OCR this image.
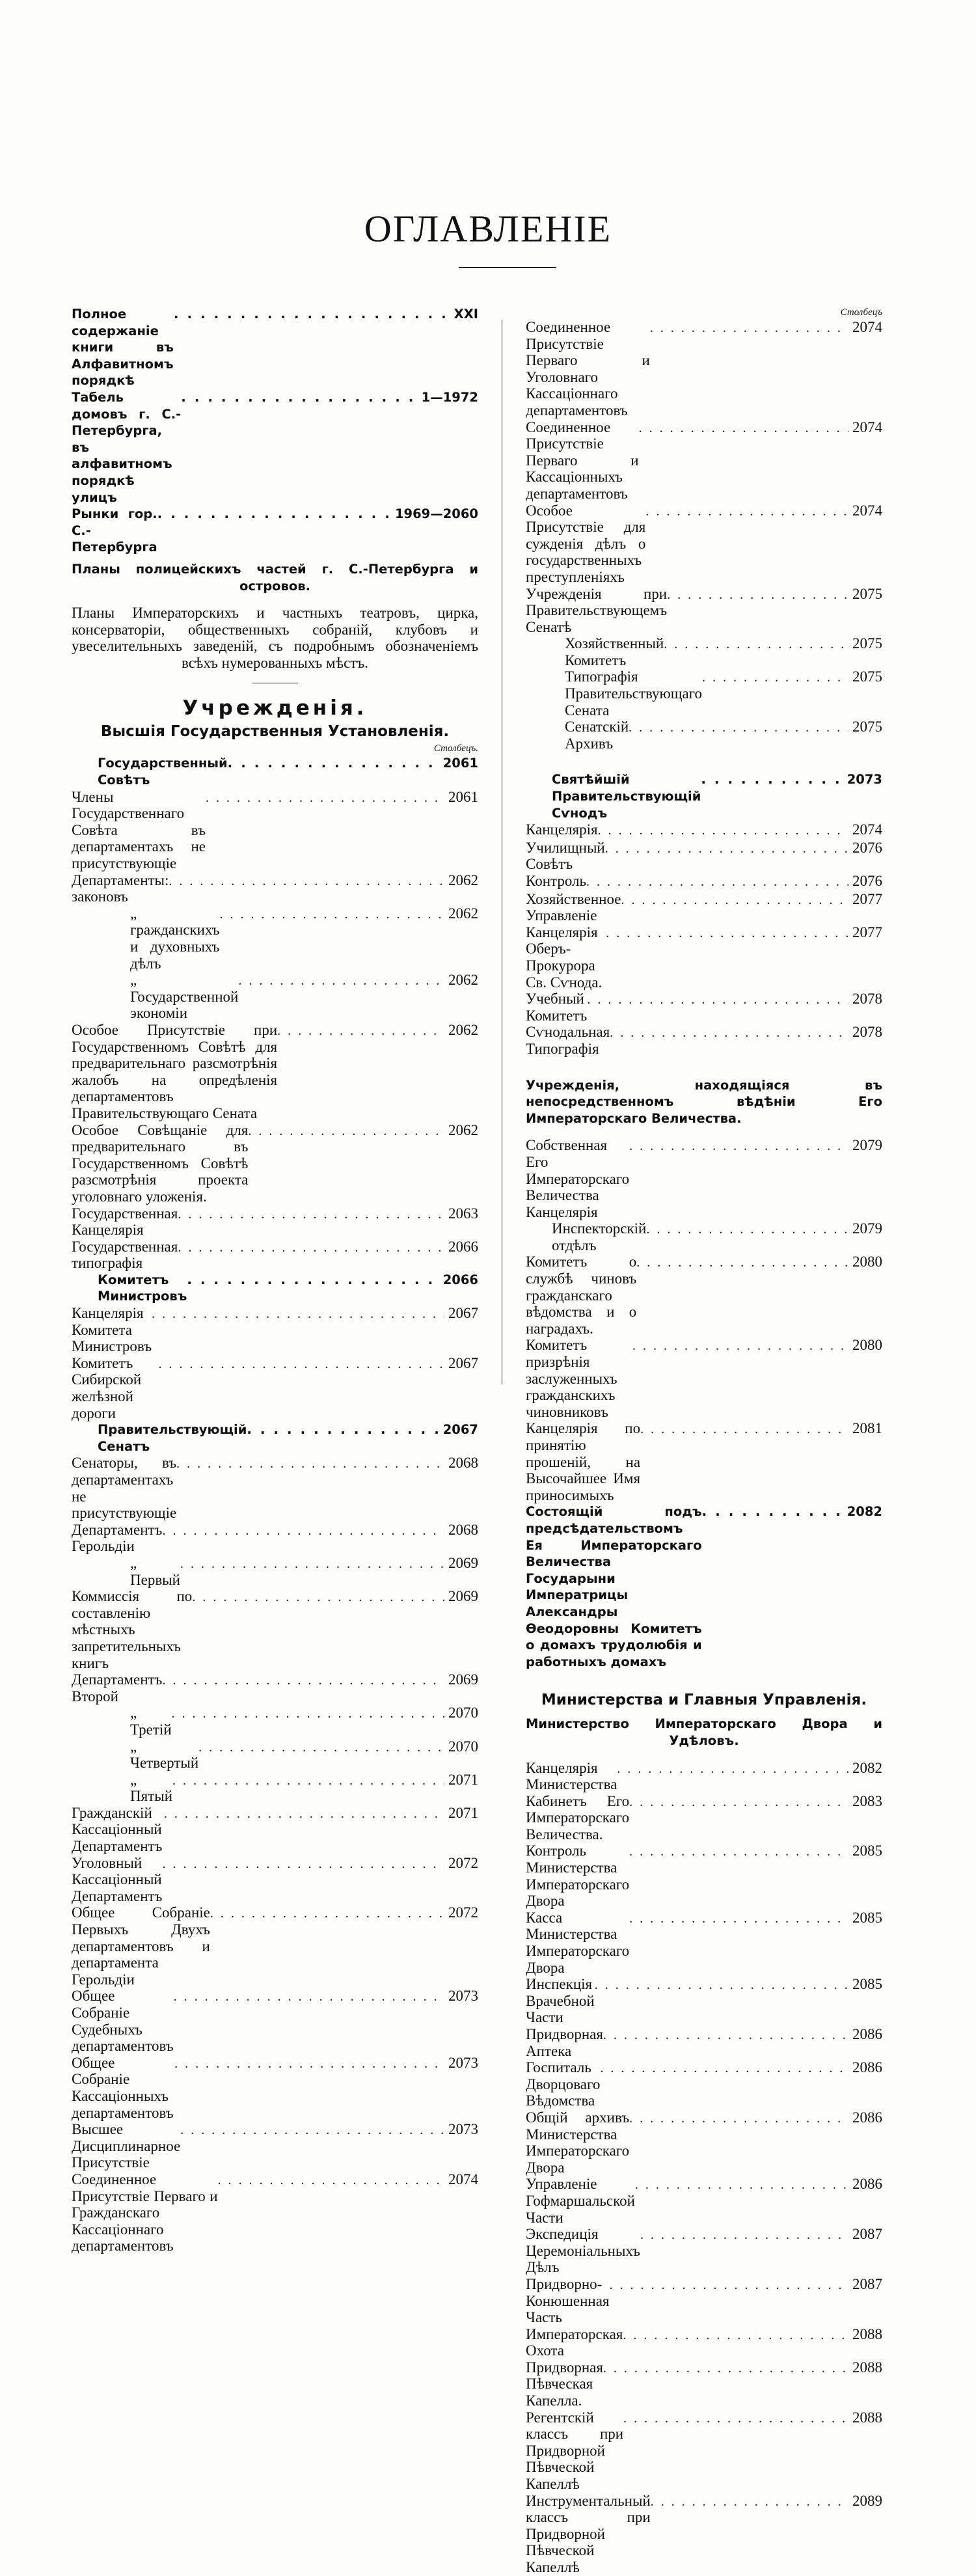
ОГЛАВЛЕНІЕ
Полное содержаніе книги въ Алфавитномъ порядкѣ
. . .
XXI
Табель домовъ г. С.-Петербурга, въ алфавитномъ порядкѣ улицъ
. . .
1—1972
Рынки гор. С.-Петербурга
. . .
1969—2060
Планы полицейскихъ частей г. С.-Петербурга и островов.
Планы Императорскихъ и частныхъ театровъ, цирка, консерваторіи, общественныхъ собраній, клубовъ и увеселительныхъ заведеній, съ подробнымъ обозначеніемъ всѣхъ нумерованныхъ мѣстъ.
Учрежденія.
Высшія Государственныя Установленія.
Столбецъ.
Государственный Совѣтъ
. . .
2061
Члены Государственнаго Совѣта въ департаментахъ не присутствующіе
. . .
2061
Департаменты: законовъ
. . .
2062
„ гражданскихъ и духовныхъ дѣлъ
. . .
2062
„ Государственной экономіи
. . .
2062
Особое Присутствіе при Государственномъ Совѣтѣ для предварительнаго разсмотрѣнія жалобъ на опредѣленія департаментовъ Правительствующаго Сената
. . .
2062
Особое Совѣщаніе для предварительнаго въ Государственномъ Совѣтѣ разсмотрѣнія проекта уголовнаго уложенія.
. . .
2062
Государственная Канцелярія
. . .
2063
Государственная типографія
. . .
2066
Комитетъ Министровъ
. . .
2066
Канцелярія Комитета Министровъ
. . .
2067
Комитетъ Сибирской желѣзной дороги
. . .
2067
Правительствующій Сенатъ
. . .
2067
Сенаторы, въ департаментахъ не присутствующіе
. . .
2068
Департаментъ Герольдіи
. . .
2068
„ Первый
. . .
2069
Коммиссія по составленію мѣстныхъ запретительныхъ книгъ
. . .
2069
Департаментъ Второй
. . .
2069
„ Третій
. . .
2070
„ Четвертый
. . .
2070
„ Пятый
. . .
2071
Гражданскій Кассаціонный Департаментъ
. . .
2071
Уголовный Кассаціонный Департаментъ
. . .
2072
Общее Собраніе Первыхъ Двухъ департаментовъ и департамента Герольдіи
. . .
2072
Общее Собраніе Судебныхъ департаментовъ
. . .
2073
Общее Собраніе Кассаціонныхъ департаментовъ
. . .
2073
Высшее Дисциплинарное Присутствіе
. . .
2073
Соединенное Присутствіе Перваго и Гражданскаго Кассаціоннаго департаментовъ
. . .
2074
Столбецъ
Соединенное Присутствіе Перваго и Уголовнаго Кассаціоннаго департаментовъ
. . .
2074
Соединенное Присутствіе Перваго и Кассаціонныхъ департаментовъ
. . .
2074
Особое Присутствіе для сужденія дѣлъ о государственныхъ преступленіяхъ
. . .
2074
Учрежденія при Правительствующемъ Сенатѣ
. . .
2075
Хозяйственный Комитетъ
. . .
2075
Типографія Правительствующаго Сената
. . .
2075
Сенатскій Архивъ
. . .
2075
Святѣйшій Правительствующій Сѵнодъ
. . .
2073
Канцелярія . . .	2074
Училищный Совѣтъ
. . .
2076
Контроль . . .	2076
Хозяйственное Управленіе
. . .
2077
Канцелярія Оберъ-Прокурора Св. Сѵнода.
. . .
2077
Учебный Комитетъ
. . .
2078
Сѵнодальная Типографія
. . .
2078
Учрежденія, находящіяся въ непосредственномъ вѣдѣніи Его Императорскаго Величества.
Собственная Его Императорскаго Величества Канцелярія
. . .
2079
Инспекторскій отдѣлъ
. . .
2079
Комитетъ о службѣ чиновъ гражданскаго вѣдомства и о наградахъ.
. . .
2080
Комитетъ призрѣнія заслуженныхъ гражданскихъ чиновниковъ
. . .
2080
Канцелярія по принятію прошеній, на Высочайшее Имя приносимыхъ
. . .
2081
Состоящій подъ предсѣдательствомъ Ея Императорскаго Величества Государыни Императрицы Александры Ѳеодоровны Комитетъ о домахъ трудолюбія и работныхъ домахъ
. . .
2082
Министерства и Главныя Управленія.
Министерство Императорскаго Двора и Удѣловъ.
Канцелярія Министерства
. . .
2082
Кабинетъ Его Императорскаго Величества.
. . .
2083
Контроль Министерства Императорскаго Двора
. . .
2085
Касса Министерства Императорскаго Двора
. . .
2085
Инспекція Врачебной Части
. . .
2085
Придворная Аптека
. . .
2086
Госпиталь Дворцоваго Вѣдомства
. . .
2086
Общій архивъ Министерства Императорскаго Двора
. . .
2086
Управленіе Гофмаршальской Части
. . .
2086
Экспедиція Церемоніальныхъ Дѣлъ
. . .
2087
Придворно-Конюшенная Часть
. . .
2087
Императорская Охота
. . .
2088
Придворная Пѣвческая Капелла.
. . .
2088
Регентскій классъ при Придворной Пѣвческой Капеллѣ
. . .
2088
Инструментальный классъ при Придворной Пѣвческой Капеллѣ
. . .
2089
